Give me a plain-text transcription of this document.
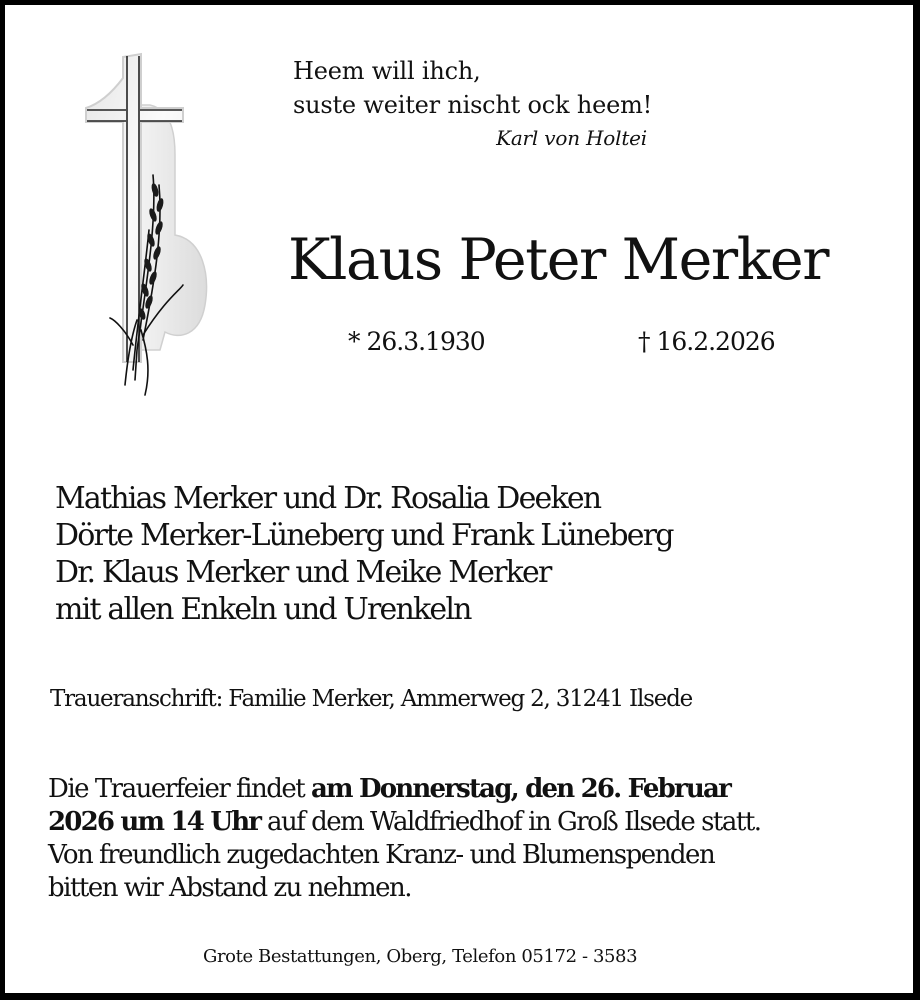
Heem will ihch,

suste weiter nischt ock heem!

Karl von Holtei

Klaus Peter Merker

* 26.3.1930	† 16.2.2026

Mathias Merker und Dr. Rosalia Deeken

Dörte Merker-Lüneberg und Frank Lüneberg

Dr. Klaus Merker und Meike Merker

mit allen Enkeln und Urenkeln

Traueranschrift: Familie Merker, Ammerweg 2, 31241 Ilsede

Die Trauerfeier findet am Donnerstag, den 26. Februar

2026 um 14 Uhr auf dem Waldfriedhof in Groß Ilsede statt.

Von freundlich zugedachten Kranz- und Blumenspenden

bitten wir Abstand zu nehmen.

Grote Bestattungen, Oberg, Telefon 05172 - 3583
